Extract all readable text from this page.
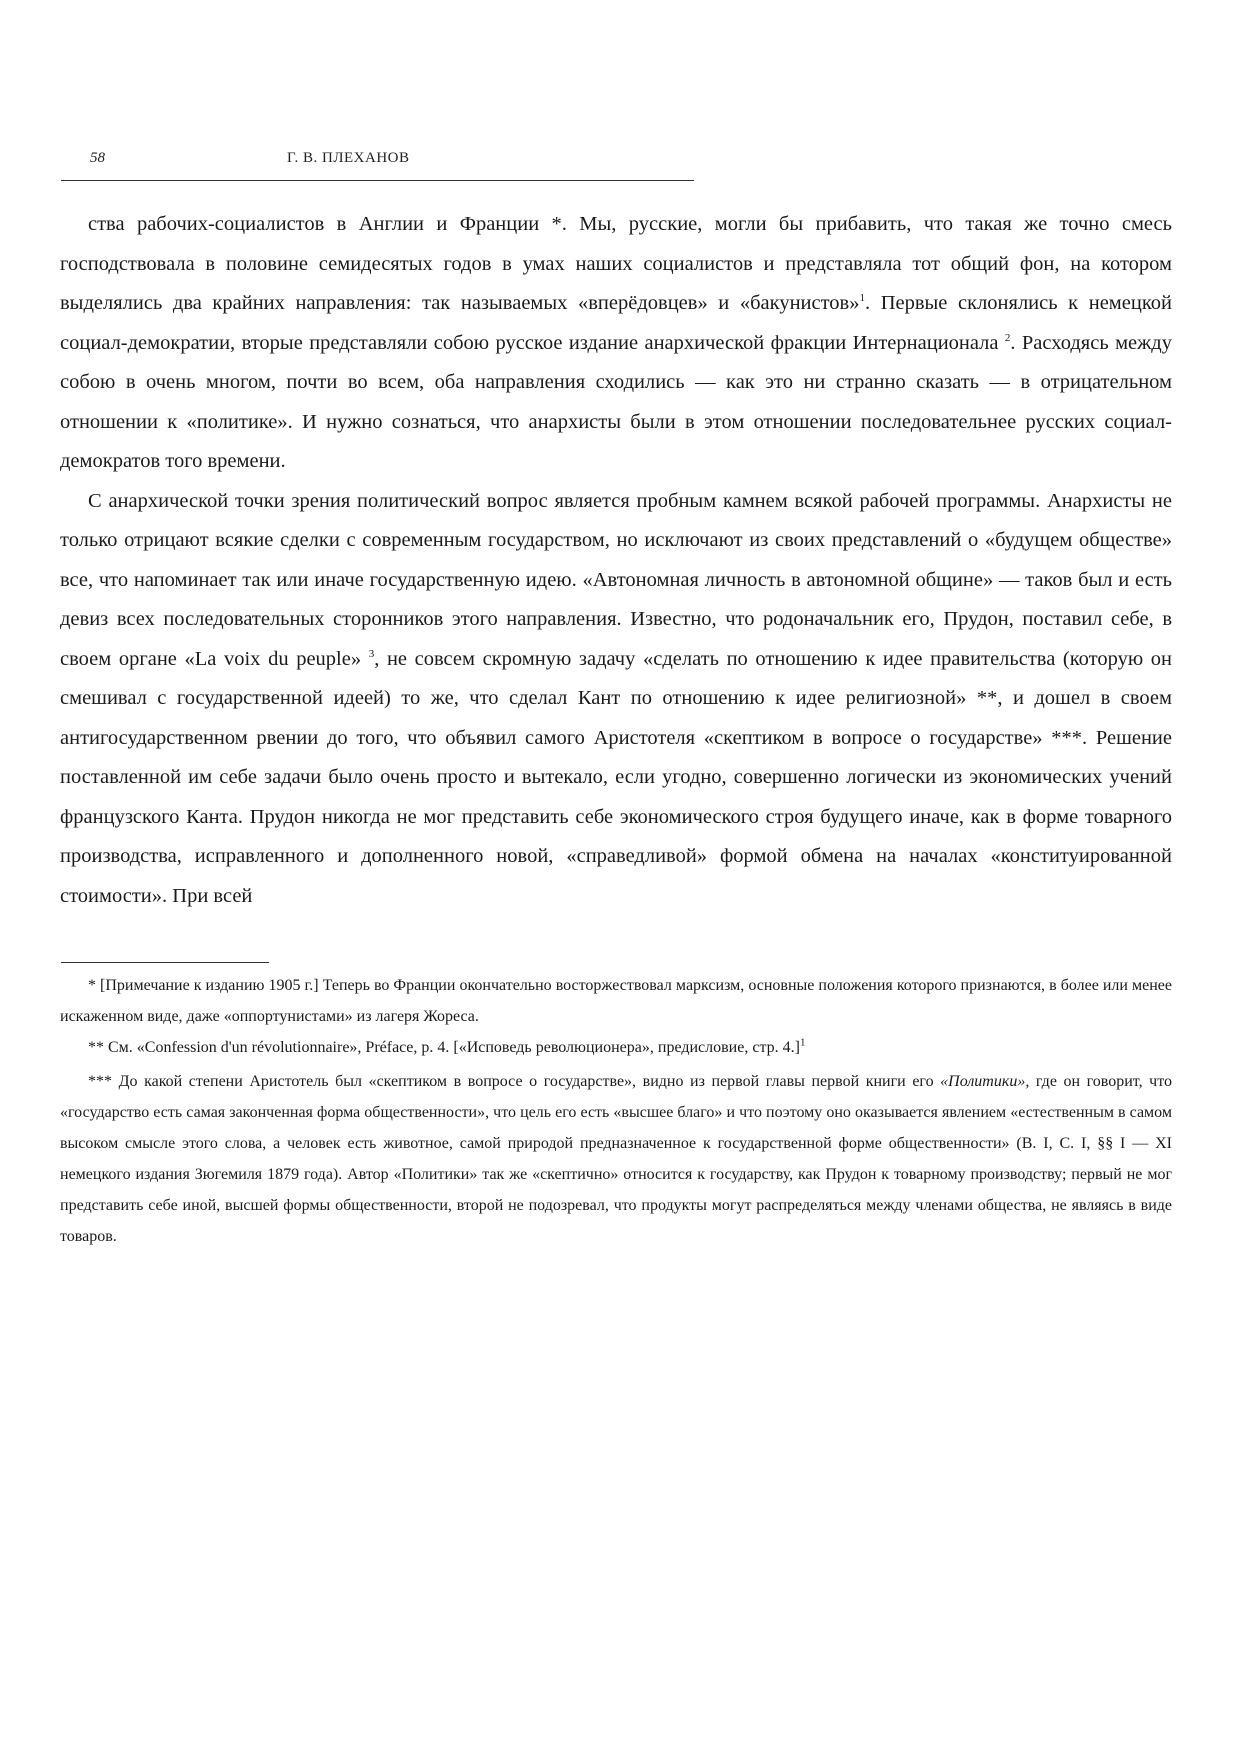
58	Г. В. ПЛЕХАНОВ

ства рабочих-социалистов в Англии и Франции *. Мы, русские, могли бы прибавить, что такая же точно смесь господствовала в половине семидесятых годов в умах наших социалистов и представляла тот общий фон, на котором выделялись два крайних направления: так называемых «вперёдовцев» и «бакунистов»$^1$. Первые склонялись к немецкой социал-демократии, вторые представляли собою русское издание анархической фракции Интернационала $^2$. Расходясь между собою в очень многом, почти во всем, оба направления сходились — как это ни странно сказать — в отрицательном отношении к «политике». И нужно сознаться, что анархисты были в этом отношении последовательнее русских социал-демократов того времени.

С анархической точки зрения политический вопрос является пробным камнем всякой рабочей программы. Анархисты не только отрицают всякие сделки с современным государством, но исключают из своих представлений о «будущем обществе» все, что напоминает так или иначе государственную идею. «Автономная личность в автономной общине» — таков был и есть девиз всех последовательных сторонников этого направления. Известно, что родоначальник его, Прудон, поставил себе, в своем органе «La voix du peuple» $^3$, не совсем скромную задачу «сделать по отношению к идее правительства (которую он смешивал с государственной идеей) то же, что сделал Кант по отношению к идее религиозной» **, и дошел в своем антигосударственном рвении до того, что объявил самого Аристотеля «скептиком в вопросе о государстве» ***. Решение поставленной им себе задачи было очень просто и вытекало, если угодно, совершенно логически из экономических учений французского Канта. Прудон никогда не мог представить себе экономического строя будущего иначе, как в форме товарного производства, исправленного и дополненного новой, «справедливой» формой обмена на началах «конституированной стоимости». При всей

* [Примечание к изданию 1905 г.] Теперь во Франции окончательно восторжествовал марксизм, основные положения которого признаются, в более или менее искаженном виде, даже «оппортунистами» из лагеря Жореса.

** См. «Confession d'un révolutionnaire», Préface, p. 4. [«Исповедь революционера», предисловие, стр. 4.]$^1$

*** До какой степени Аристотель был «скептиком в вопросе о государстве», видно из первой главы первой книги его «Политики», где он говорит, что «государство есть самая законченная форма общественности», что цель его есть «высшее благо» и что поэтому оно оказывается явлением «естественным в самом высоком смысле этого слова, а человек есть животное, самой природой предназначенное к государственной форме общественности» (В. I, С. I, §§ I — XI немецкого издания Зюгемиля 1879 года). Автор «Политики» так же «скептично» относится к государству, как Прудон к товарному производству; первый не мог представить себе иной, высшей формы общественности, второй не подозревал, что продукты могут распределяться между членами общества, не являясь в виде товаров.
